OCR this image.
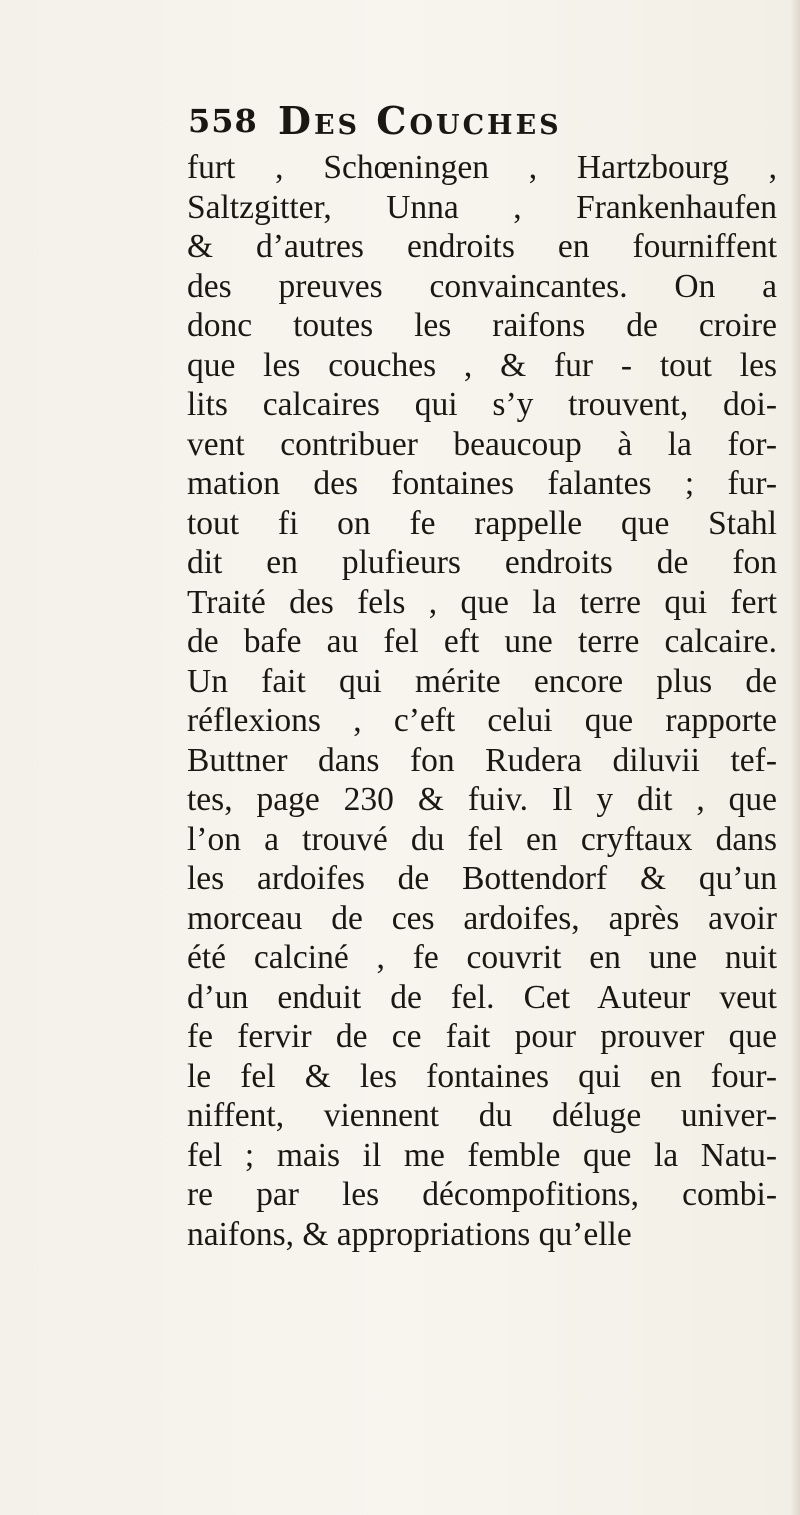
558 Des Couches
furt , Schœningen , Hartzbourg ,
Saltzgitter, Unna , Frankenhaufen
& d’autres endroits en fourniffent
des preuves convaincantes. On a
donc toutes les raifons de croire
que les couches , & fur - tout les
lits calcaires qui s’y trouvent, doi-
vent contribuer beaucoup à la for-
mation des fontaines falantes ; fur-
tout fi on fe rappelle que Stahl
dit en plufieurs endroits de fon
Traité des fels , que la terre qui fert
de bafe au fel eft une terre calcaire.
Un fait qui mérite encore plus de
réflexions , c’eft celui que rapporte
Buttner dans fon Rudera diluvii tef-
tes, page 230 & fuiv. Il y dit , que
l’on a trouvé du fel en cryftaux dans
les ardoifes de Bottendorf & qu’un
morceau de ces ardoifes, après avoir
été calciné , fe couvrit en une nuit
d’un enduit de fel. Cet Auteur veut
fe fervir de ce fait pour prouver que
le fel & les fontaines qui en four-
niffent, viennent du déluge univer-
fel ; mais il me femble que la Natu-
re par les décompofitions, combi-
naifons, & appropriations qu’elle
